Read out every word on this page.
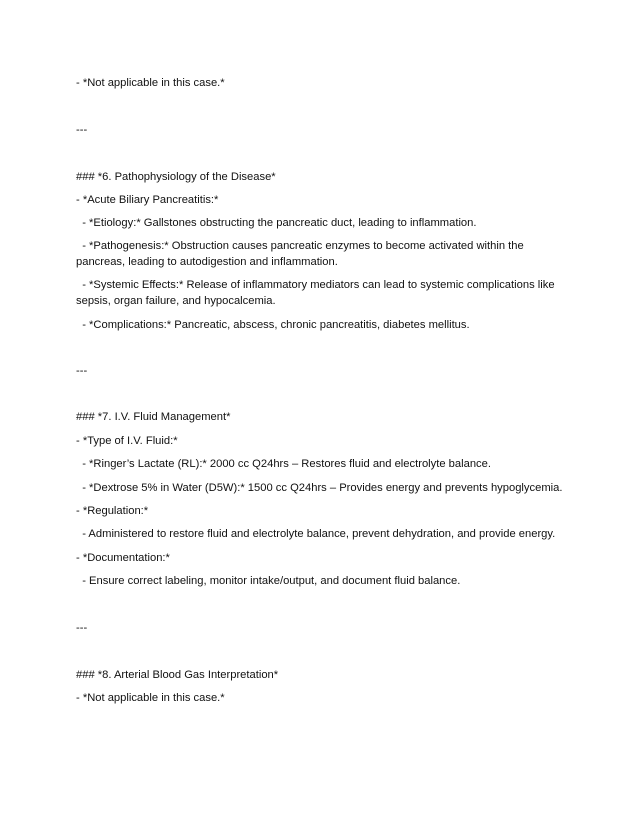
- *Not applicable in this case.*
---
### *6. Pathophysiology of the Disease*
- *Acute Biliary Pancreatitis:*
- *Etiology:* Gallstones obstructing the pancreatic duct, leading to inflammation.
- *Pathogenesis:* Obstruction causes pancreatic enzymes to become activated within the pancreas, leading to autodigestion and inflammation.
- *Systemic Effects:* Release of inflammatory mediators can lead to systemic complications like sepsis, organ failure, and hypocalcemia.
- *Complications:* Pancreatic, abscess, chronic pancreatitis, diabetes mellitus.
---
### *7. I.V. Fluid Management*
- *Type of I.V. Fluid:*
- *Ringer’s Lactate (RL):* 2000 cc Q24hrs – Restores fluid and electrolyte balance.
- *Dextrose 5% in Water (D5W):* 1500 cc Q24hrs – Provides energy and prevents hypoglycemia.
- *Regulation:*
- Administered to restore fluid and electrolyte balance, prevent dehydration, and provide energy.
- *Documentation:*
- Ensure correct labeling, monitor intake/output, and document fluid balance.
---
### *8. Arterial Blood Gas Interpretation*
- *Not applicable in this case.*
